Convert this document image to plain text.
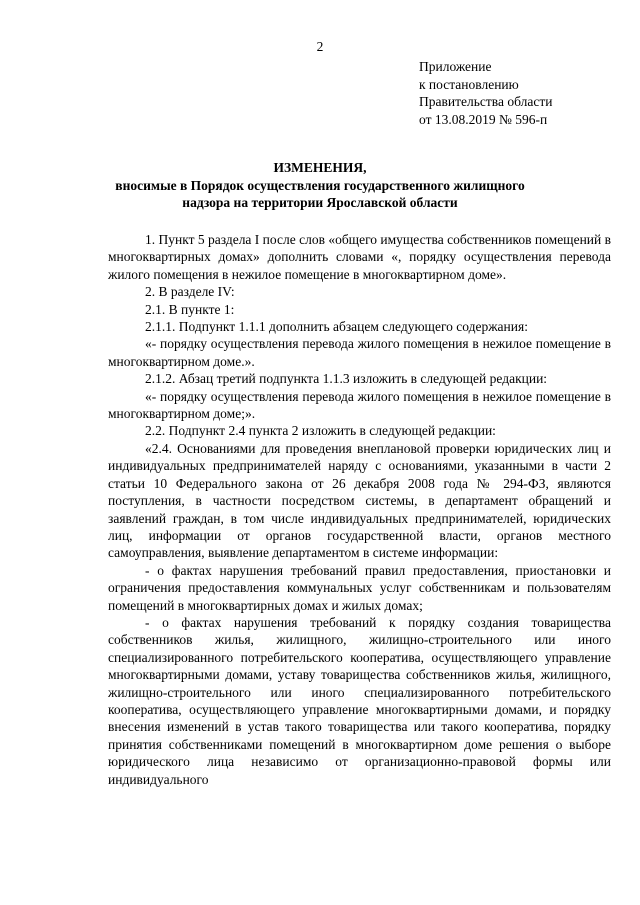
2
Приложение
к постановлению
Правительства области
от 13.08.2019 № 596-п
ИЗМЕНЕНИЯ,
вносимые в Порядок осуществления государственного жилищного
надзора на территории Ярославской области

1. Пункт 5 раздела I после слов «общего имущества собственников помещений в многоквартирных домах» дополнить словами «, порядку осуществления перевода жилого помещения в нежилое помещение в многоквартирном доме».

2. В разделе IV:

2.1. В пункте 1:

2.1.1. Подпункт 1.1.1 дополнить абзацем следующего содержания:

«- порядку осуществления перевода жилого помещения в нежилое помещение в многоквартирном доме.».

2.1.2. Абзац третий подпункта 1.1.3 изложить в следующей редакции:

«- порядку осуществления перевода жилого помещения в нежилое помещение в многоквартирном доме;».

2.2. Подпункт 2.4 пункта 2 изложить в следующей редакции:

«2.4. Основаниями для проведения внеплановой проверки юридических лиц и индивидуальных предпринимателей наряду с основаниями, указанными в части 2 статьи 10 Федерального закона от 26 декабря 2008 года № 294-ФЗ, являются поступления, в частности посредством системы, в департамент обращений и заявлений граждан, в том числе индивидуальных предпринимателей, юридических лиц, информации от органов государственной власти, органов местного самоуправления, выявление департаментом в системе информации:

- о фактах нарушения требований правил предоставления, приостановки и ограничения предоставления коммунальных услуг собственникам и пользователям помещений в многоквартирных домах и жилых домах;

- о фактах нарушения требований к порядку создания товарищества собственников жилья, жилищного, жилищно-строительного или иного специализированного потребительского кооператива, осуществляющего управление многоквартирными домами, уставу товарищества собственников жилья, жилищного, жилищно-строительного или иного специализированного потребительского кооператива, осуществляющего управление многоквартирными домами, и порядку внесения изменений в устав такого товарищества или такого кооператива, порядку принятия собственниками помещений в многоквартирном доме решения о выборе юридического лица независимо от организационно-правовой формы или индивидуального
